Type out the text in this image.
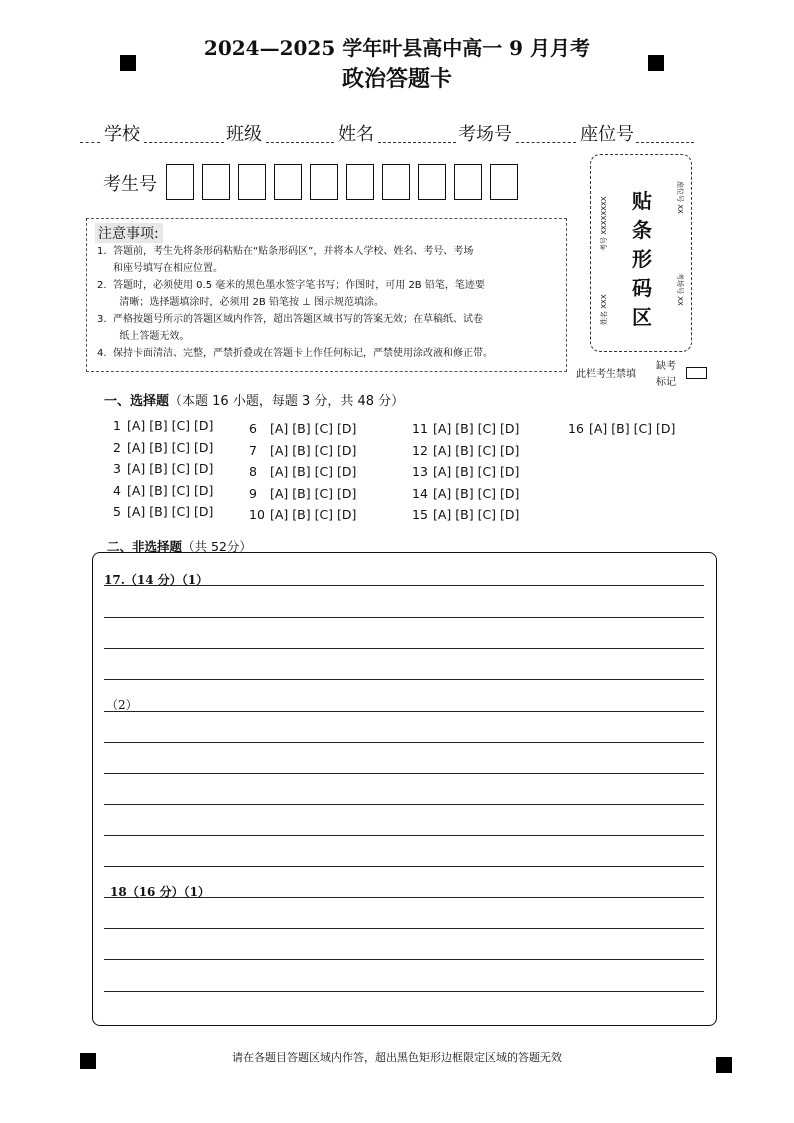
2024—2025 学年叶县高中高一 9 月月考
政治答题卡
学校	班级	姓名	考场号	座位号
考生号
注意事项:
1. 答题前，考生先将条形码粘贴在“贴条形码区”，并将本人学校、姓名、考号、考场
和座号填写在相应位置。
2. 答题时，必须使用 0.5 毫米的黑色墨水签字笔书写；作图时，可用 2B 铅笔，笔迹要
清晰；选择题填涂时，必须用 2B 铅笔按 ⊥ 图示规范填涂。
3. 严格按题号所示的答题区域内作答，超出答题区域书写的答案无效；在草稿纸、试卷
纸上答题无效。
4. 保持卡面清洁、完整，严禁折叠或在答题卡上作任何标记，严禁使用涂改液和修正带。
贴
条
形
码
区
考号 XXXXXXXX
姓名 XXX
座位号 XX
考场号 XX
此栏考生禁填
缺考
标记
一、选择题（本题 16 小题，每题 3 分，共 48 分）
1 [A] [B] [C] [D]
2 [A] [B] [C] [D]
3 [A] [B] [C] [D]
4 [A] [B] [C] [D]
5 [A] [B] [C] [D]
6 [A] [B] [C] [D]
7 [A] [B] [C] [D]
8 [A] [B] [C] [D]
9 [A] [B] [C] [D]
10 [A] [B] [C] [D]
11 [A] [B] [C] [D]
12 [A] [B] [C] [D]
13 [A] [B] [C] [D]
14 [A] [B] [C] [D]
15 [A] [B] [C] [D]
16 [A] [B] [C] [D]
二、非选择题（共 52分）
17.（14 分）（1）
（2）
18（16 分）（1）
请在各题目答题区域内作答，超出黑色矩形边框限定区域的答题无效
